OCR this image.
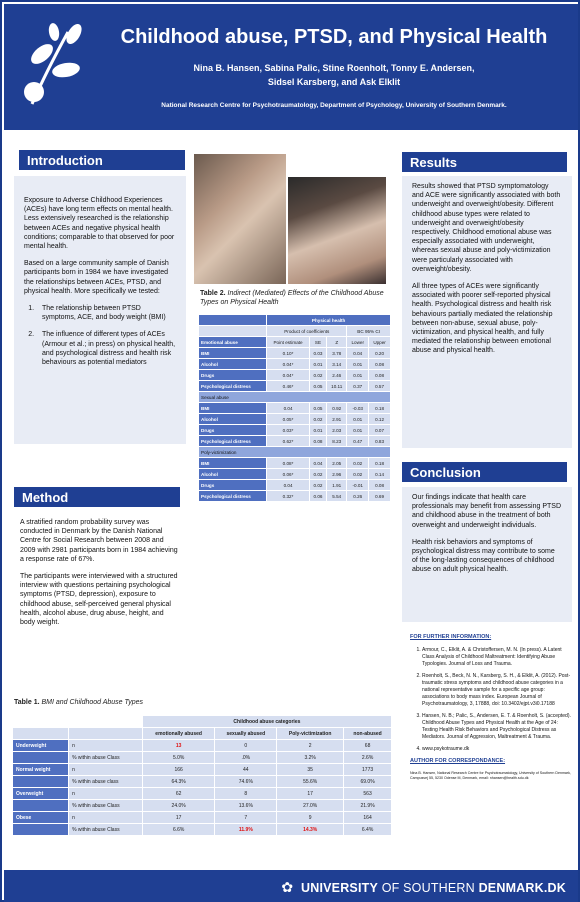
Childhood abuse, PTSD, and Physical Health
Nina B. Hansen, Sabina Palic, Stine Roenholt, Tonny E. Andersen,
Sidsel Karsberg, and Ask Elklit
National Research Centre for Psychotraumatology, Department of Psychology, University of Southern Denmark.
Introduction

Exposure to Adverse Childhood Experiences (ACEs) have long term effects on mental health. Less extensively researched is the relationship between ACEs and negative physical health conditions; comparable to that observed for poor mental health.

Based on a large community sample of Danish participants born in 1984 we have investigated the relationships between ACEs, PTSD, and physical health. More specifically we tested:

1. The relationship between PTSD symptoms, ACE, and body weight (BMI)
2. The influence of different types of ACEs (Armour et al.; in press) on physical health, and psychological distress and health risk behaviours as potential mediators
Method

A stratified random probability survey was conducted in Denmark by the Danish National Centre for Social Research between 2008 and 2009 with 2981 participants born in 1984 achieving a response rate of 67%.

The participants were interviewed with a structured interview with questions pertaining psychological symptoms (PTSD, depression), exposure to childhood abuse, self-perceived general physical health, alcohol abuse, drug abuse, height, and body weight.

Table 2. Indirect (Mediated) Effects of the Childhood Abuse Types on Physical Health
	Physical health				
	Product of coefficients			BC 95% CI	
Emotional abuse	Point estimate	SE	Z	Lower	Upper
BMI	0.10*	0.03	3.78	0.04	0.20
Alcohol	0.04*	0.01	3.14	0.01	0.08
Drugs	0.04*	0.02	2.46	0.01	0.08
Psychological distress	0.46*	0.05	10.11	0.37	0.57
Sexual abuse					
BMI	0.04	0.05	0.92	-0.03	0.18
Alcohol	0.05*	0.02	2.91	0.01	0.12
Drugs	0.03*	0.01	2.03	0.01	0.07
Psychological distress	0.62*	0.08	8.23	0.47	0.83
Poly-victimization					
BMI	0.08*	0.04	2.05	0.02	0.18
Alcohol	0.06*	0.02	2.96	0.02	0.14
Drugs	0.04	0.02	1.91	-0.01	0.08
Psychological distress	0.32*	0.06	5.54	0.26	0.69
Table 1. BMI and Childhood Abuse Types
		Childhood abuse categories			
		emotionally abused	sexually abused	Poly-victimization	non-abused
Underweight	n	13	0	2	68
	% within abuse Class	5.0%	.0%	3.2%	2.6%
Normal weight	n	166	44	35	1773
	% within abuse class	64.3%	74.6%	55.6%	69.0%
Overweight	n	62	8	17	563
	% within abuse Class	24.0%	13.6%	27.0%	21.9%
Obese	n	17	7	9	164
	% within abuse Class	6.6%	11.9%	14.3%	6.4%
Results

Results showed that PTSD symptomatology and ACE were significantly associated with both underweight and overweight/obesity. Different childhood abuse types were related to underweight and overweight/obesity respectively. Childhood emotional abuse was especially associated with underweight, whereas sexual abuse and poly-victimization were particularly associated with overweight/obesity.

All three types of ACEs were significantly associated with poorer self-reported physical health. Psychological distress and health risk behaviours partially mediated the relationship between non-abuse, sexual abuse, poly-victimization, and physical health, and fully mediated the relationship between emotional abuse and physical health.

Conclusion

Our findings indicate that health care professionals may benefit from assessing PTSD and childhood abuse in the treatment of both overweight and underweight individuals.

Health risk behaviors and symptoms of psychological distress may contribute to some of the long-lasting consequences of childhood abuse on adult physical health.

FOR FURTHER INFORMATION:
1. Armour, C., Elklit, A. & Christoffersen, M. N. (In press). A Latent Class Analysis of Childhood Maltreatment: Identifying Abuse Typologies. Journal of Loss and Trauma.
2. Roenholt, S., Beck, N. N., Karsberg, S. H., & Elklit, A. (2012). Post-traumatic stress symptoms and childhood abuse categories in a national representative sample for a specific age group: associations to body mass index. European Journal of Psychotraumatology, 3, 17888, doi: 10.3402/ejpt.v3i0.17188
3. Hansen, N. B.; Palic, S., Andersen, E. T. & Roenholt, S. (accepted). Childhood Abuse Types and Physical Health at the Age of 24: Testing Health Risk Behaviors and Psychological Distress as Mediators. Journal of Aggression, Maltreatment & Trauma.
4. www.psykotraume.dk
AUTHOR FOR CORRESPONDANCE:
Nina B. Hansen, National Research Centre for Psychotraumatology, University of Southern Denmark, Campusvej 55, 5230 Odense M, Denmark, email: nhansen@health.sdu.dk
✿ UNIVERSITY OF SOUTHERN DENMARK.DK
